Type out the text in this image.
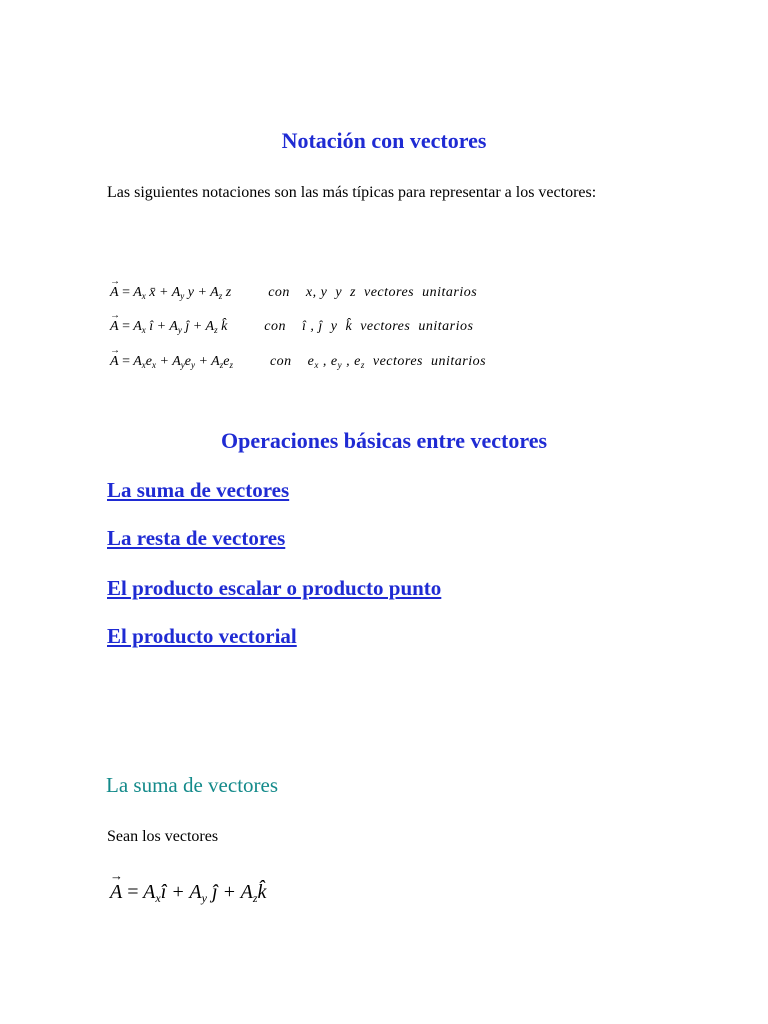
Notación con vectores
Las siguientes notaciones son las más típicas para representar a los vectores:
→
$A = A_x$ x̄ + $A_y$ $y + A_z$ z  con    x, y  y  z  vectores  unitarios
→
$A = A_x$ î + $A_y$ ĵ + $A_z$ k̂  con    î , ĵ  y  k̂  vectores  unitarios
→
$A = A_xe_x + A_ye_y + A_ze_z$	con    $e_x$ , $e_y$ , $e_z$  vectores  unitarios
Operaciones básicas entre vectores
La suma de vectores
La resta de vectores
El producto escalar o producto punto
El producto vectorial
La suma de vectores
Sean los vectores
→
$A = A_xî + A_y$ ĵ + $A_zk̂$
